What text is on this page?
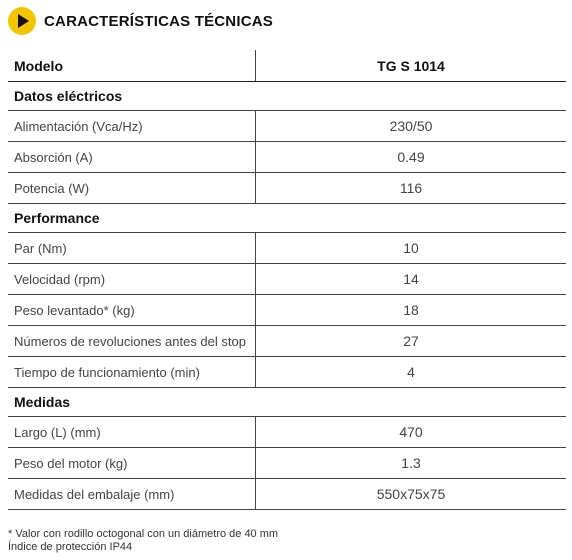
CARACTERÍSTICAS TÉCNICAS
Modelo	TG S 1014
Datos eléctricos
Alimentación (Vca/Hz)	230/50
Absorción (A)	0.49
Potencia (W)	116
Performance
Par (Nm)	10
Velocidad (rpm)	14
Peso levantado* (kg)	18
Números de revoluciones antes del stop	27
Tiempo de funcionamiento (min)	4
Medidas
Largo (L) (mm)	470
Peso del motor (kg)	1.3
Medidas del embalaje (mm)	550x75x75
* Valor con rodillo octogonal con un diámetro de 40 mm
Índice de protección IP44
